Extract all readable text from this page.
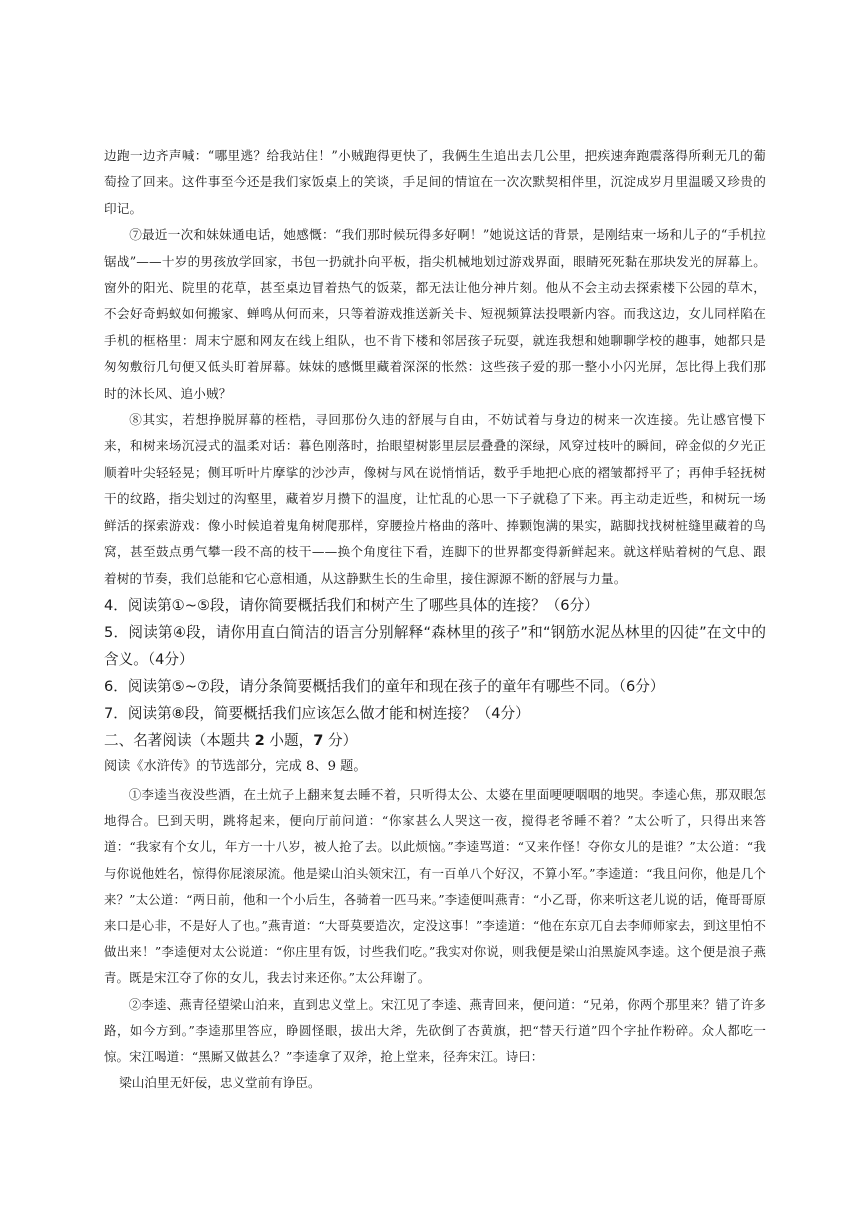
边跑一边齐声喊：“哪里逃？给我站住！”小贼跑得更快了，我俩生生追出去几公里，把疾速奔跑震落得所剩无几的葡萄捡了回来。这件事至今还是我们家饭桌上的笑谈，手足间的情谊在一次次默契相伴里，沉淀成岁月里温暖又珍贵的印记。

⑦最近一次和妹妹通电话，她感慨：“我们那时候玩得多好啊！”她说这话的背景，是刚结束一场和儿子的“手机拉锯战”——十岁的男孩放学回家，书包一扔就扑向平板，指尖机械地划过游戏界面，眼睛死死黏在那块发光的屏幕上。窗外的阳光、院里的花草，甚至桌边冒着热气的饭菜，都无法让他分神片刻。他从不会主动去探索楼下公园的草木，不会好奇蚂蚁如何搬家、蝉鸣从何而来，只等着游戏推送新关卡、短视频算法投喂新内容。而我这边，女儿同样陷在手机的框格里：周末宁愿和网友在线上组队，也不肯下楼和邻居孩子玩耍，就连我想和她聊聊学校的趣事，她都只是匆匆敷衍几句便又低头盯着屏幕。妹妹的感慨里藏着深深的怅然：这些孩子爱的那一整小小闪光屏，怎比得上我们那时的沐长风、追小贼？

⑧其实，若想挣脱屏幕的桎梏，寻回那份久违的舒展与自由，不妨试着与身边的树来一次连接。先让感官慢下来，和树来场沉浸式的温柔对话：暮色刚落时，抬眼望树影里层层叠叠的深绿，风穿过枝叶的瞬间，碎金似的夕光正顺着叶尖轻轻晃；侧耳听叶片摩挲的沙沙声，像树与风在说悄悄话，数乎手地把心底的褶皱都捋平了；再伸手轻抚树干的纹路，指尖划过的沟壑里，藏着岁月攒下的温度，让忙乱的心思一下子就稳了下来。再主动走近些，和树玩一场鲜活的探索游戏：像小时候追着鬼角树爬那样，穿腰捡片格曲的落叶、捧颗饱满的果实，踮脚找找树桩缝里藏着的鸟窝，甚至鼓点勇气攀一段不高的枝干——换个角度往下看，连脚下的世界都变得新鲜起来。就这样贴着树的气息、跟着树的节奏，我们总能和它心意相通，从这静默生长的生命里，接住源源不断的舒展与力量。

4．阅读第①~⑤段，请你简要概括我们和树产生了哪些具体的连接？（6分）

5．阅读第④段，请你用直白简洁的语言分别解释“森林里的孩子”和“钢筋水泥丛林里的囚徒”在文中的含义。（4分）

6．阅读第⑤~⑦段，请分条简要概括我们的童年和现在孩子的童年有哪些不同。（6分）

7．阅读第⑧段，简要概括我们应该怎么做才能和树连接？（4分）

二、名著阅读（本题共 2 小题，7 分）

阅读《水浒传》的节选部分，完成 8、9 题。

①李逵当夜没些酒，在土炕子上翻来复去睡不着，只听得太公、太婆在里面哽哽咽咽的地哭。李逵心焦，那双眼怎地得合。巳到天明，跳将起来，便向厅前问道：“你家甚么人哭这一夜，搅得老爷睡不着？”太公听了，只得出来答道：“我家有个女儿，年方一十八岁，被人抢了去。以此烦恼。”李逵骂道：“又来作怪！夺你女儿的是谁？”太公道：“我与你说他姓名，惊得你屁滚尿流。他是梁山泊头领宋江，有一百单八个好汉，不算小军。”李逵道：“我且问你，他是几个来？”太公道：“两日前，他和一个小后生，各骑着一匹马来。”李逵便叫燕青：“小乙哥，你来听这老儿说的话，俺哥哥原来口是心非，不是好人了也。”燕青道：“大哥莫要造次，定没这事！”李逵道：“他在东京兀自去李师师家去，到这里怕不做出来！”李逵便对太公说道：“你庄里有饭，讨些我们吃。”我实对你说，则我便是梁山泊黑旋风李逵。这个便是浪子燕青。既是宋江夺了你的女儿，我去讨来还你。”太公拜谢了。

②李逵、燕青径望梁山泊来，直到忠义堂上。宋江见了李逵、燕青回来，便问道：“兄弟，你两个那里来？错了许多路，如今方到。”李逵那里答应，睁圆怪眼，拔出大斧，先砍倒了杏黄旗，把“替天行道”四个字扯作粉碎。众人都吃一惊。宋江喝道：“黑厮又做甚么？”李逵拿了双斧，抢上堂来，径奔宋江。诗曰：

梁山泊里无奸佞，忠义堂前有诤臣。
